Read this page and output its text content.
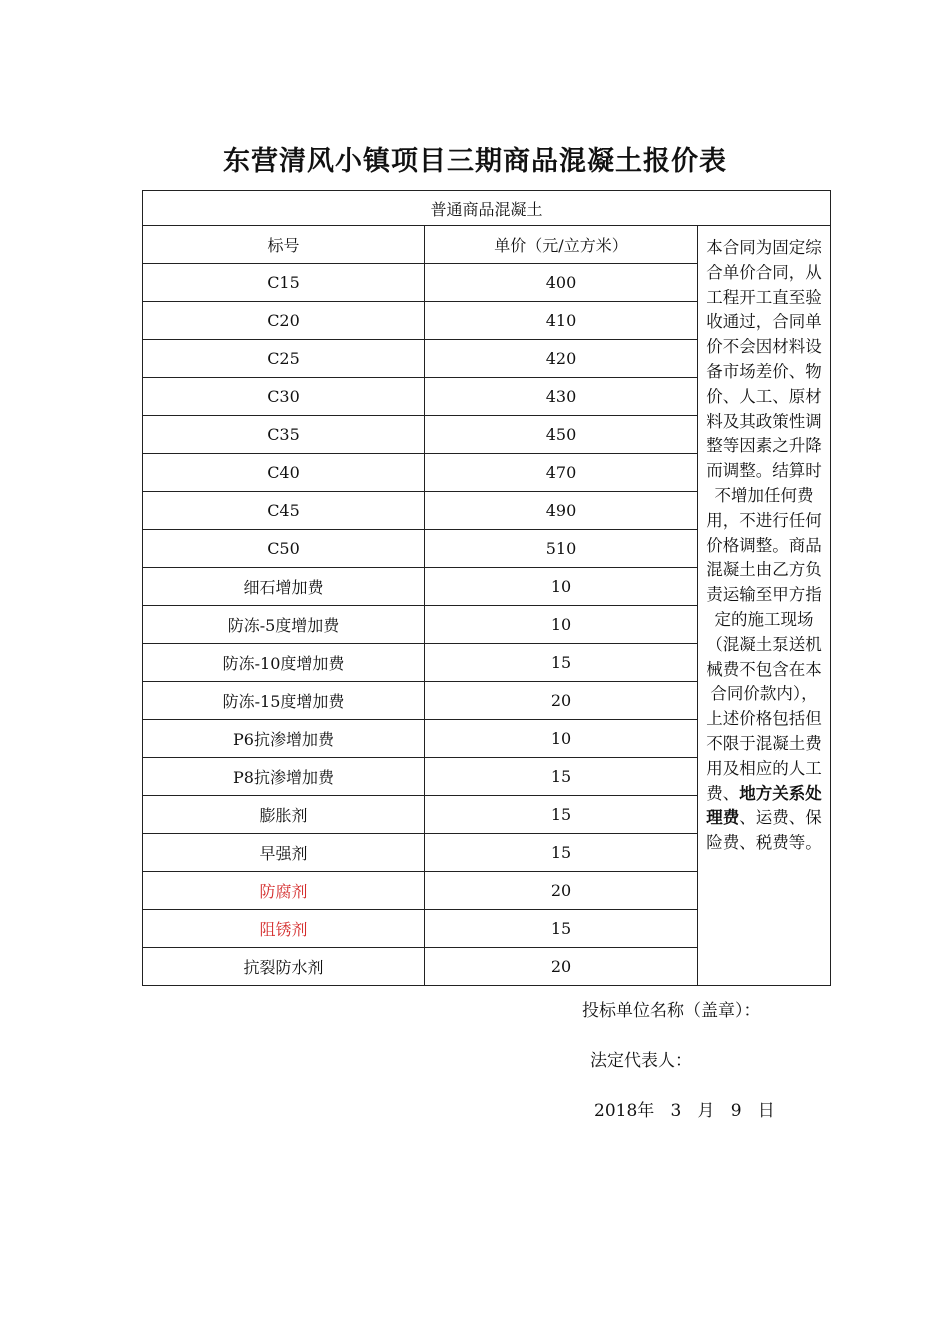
东营清风小镇项目三期商品混凝土报价表
普通商品混凝土		
标号	单价（元/立方米）	本合同为固定综合单价合同，从工程开工直至验收通过，合同单价不会因材料设备市场差价、物价、人工、原材料及其政策性调整等因素之升降而调整。结算时不增加任何费用，不进行任何价格调整。商品混凝土由乙方负责运输至甲方指定的施工现场（混凝土泵送机械费不包含在本合同价款内），上述价格包括但不限于混凝土费用及相应的人工费、地方关系处理费、运费、保险费、税费等。
C15	400	
C20	410	
C25	420	
C30	430	
C35	450	
C40	470	
C45	490	
C50	510	
细石增加费	10	
防冻-5度增加费	10	
防冻-10度增加费	15	
防冻-15度增加费	20	
P6抗渗增加费	10	
P8抗渗增加费	15	
膨胀剂	15	
早强剂	15	
防腐剂	20	
阻锈剂	15	
抗裂防水剂	20	
投标单位名称（盖章）：
法定代表人：
2018年 3 月 9 日
